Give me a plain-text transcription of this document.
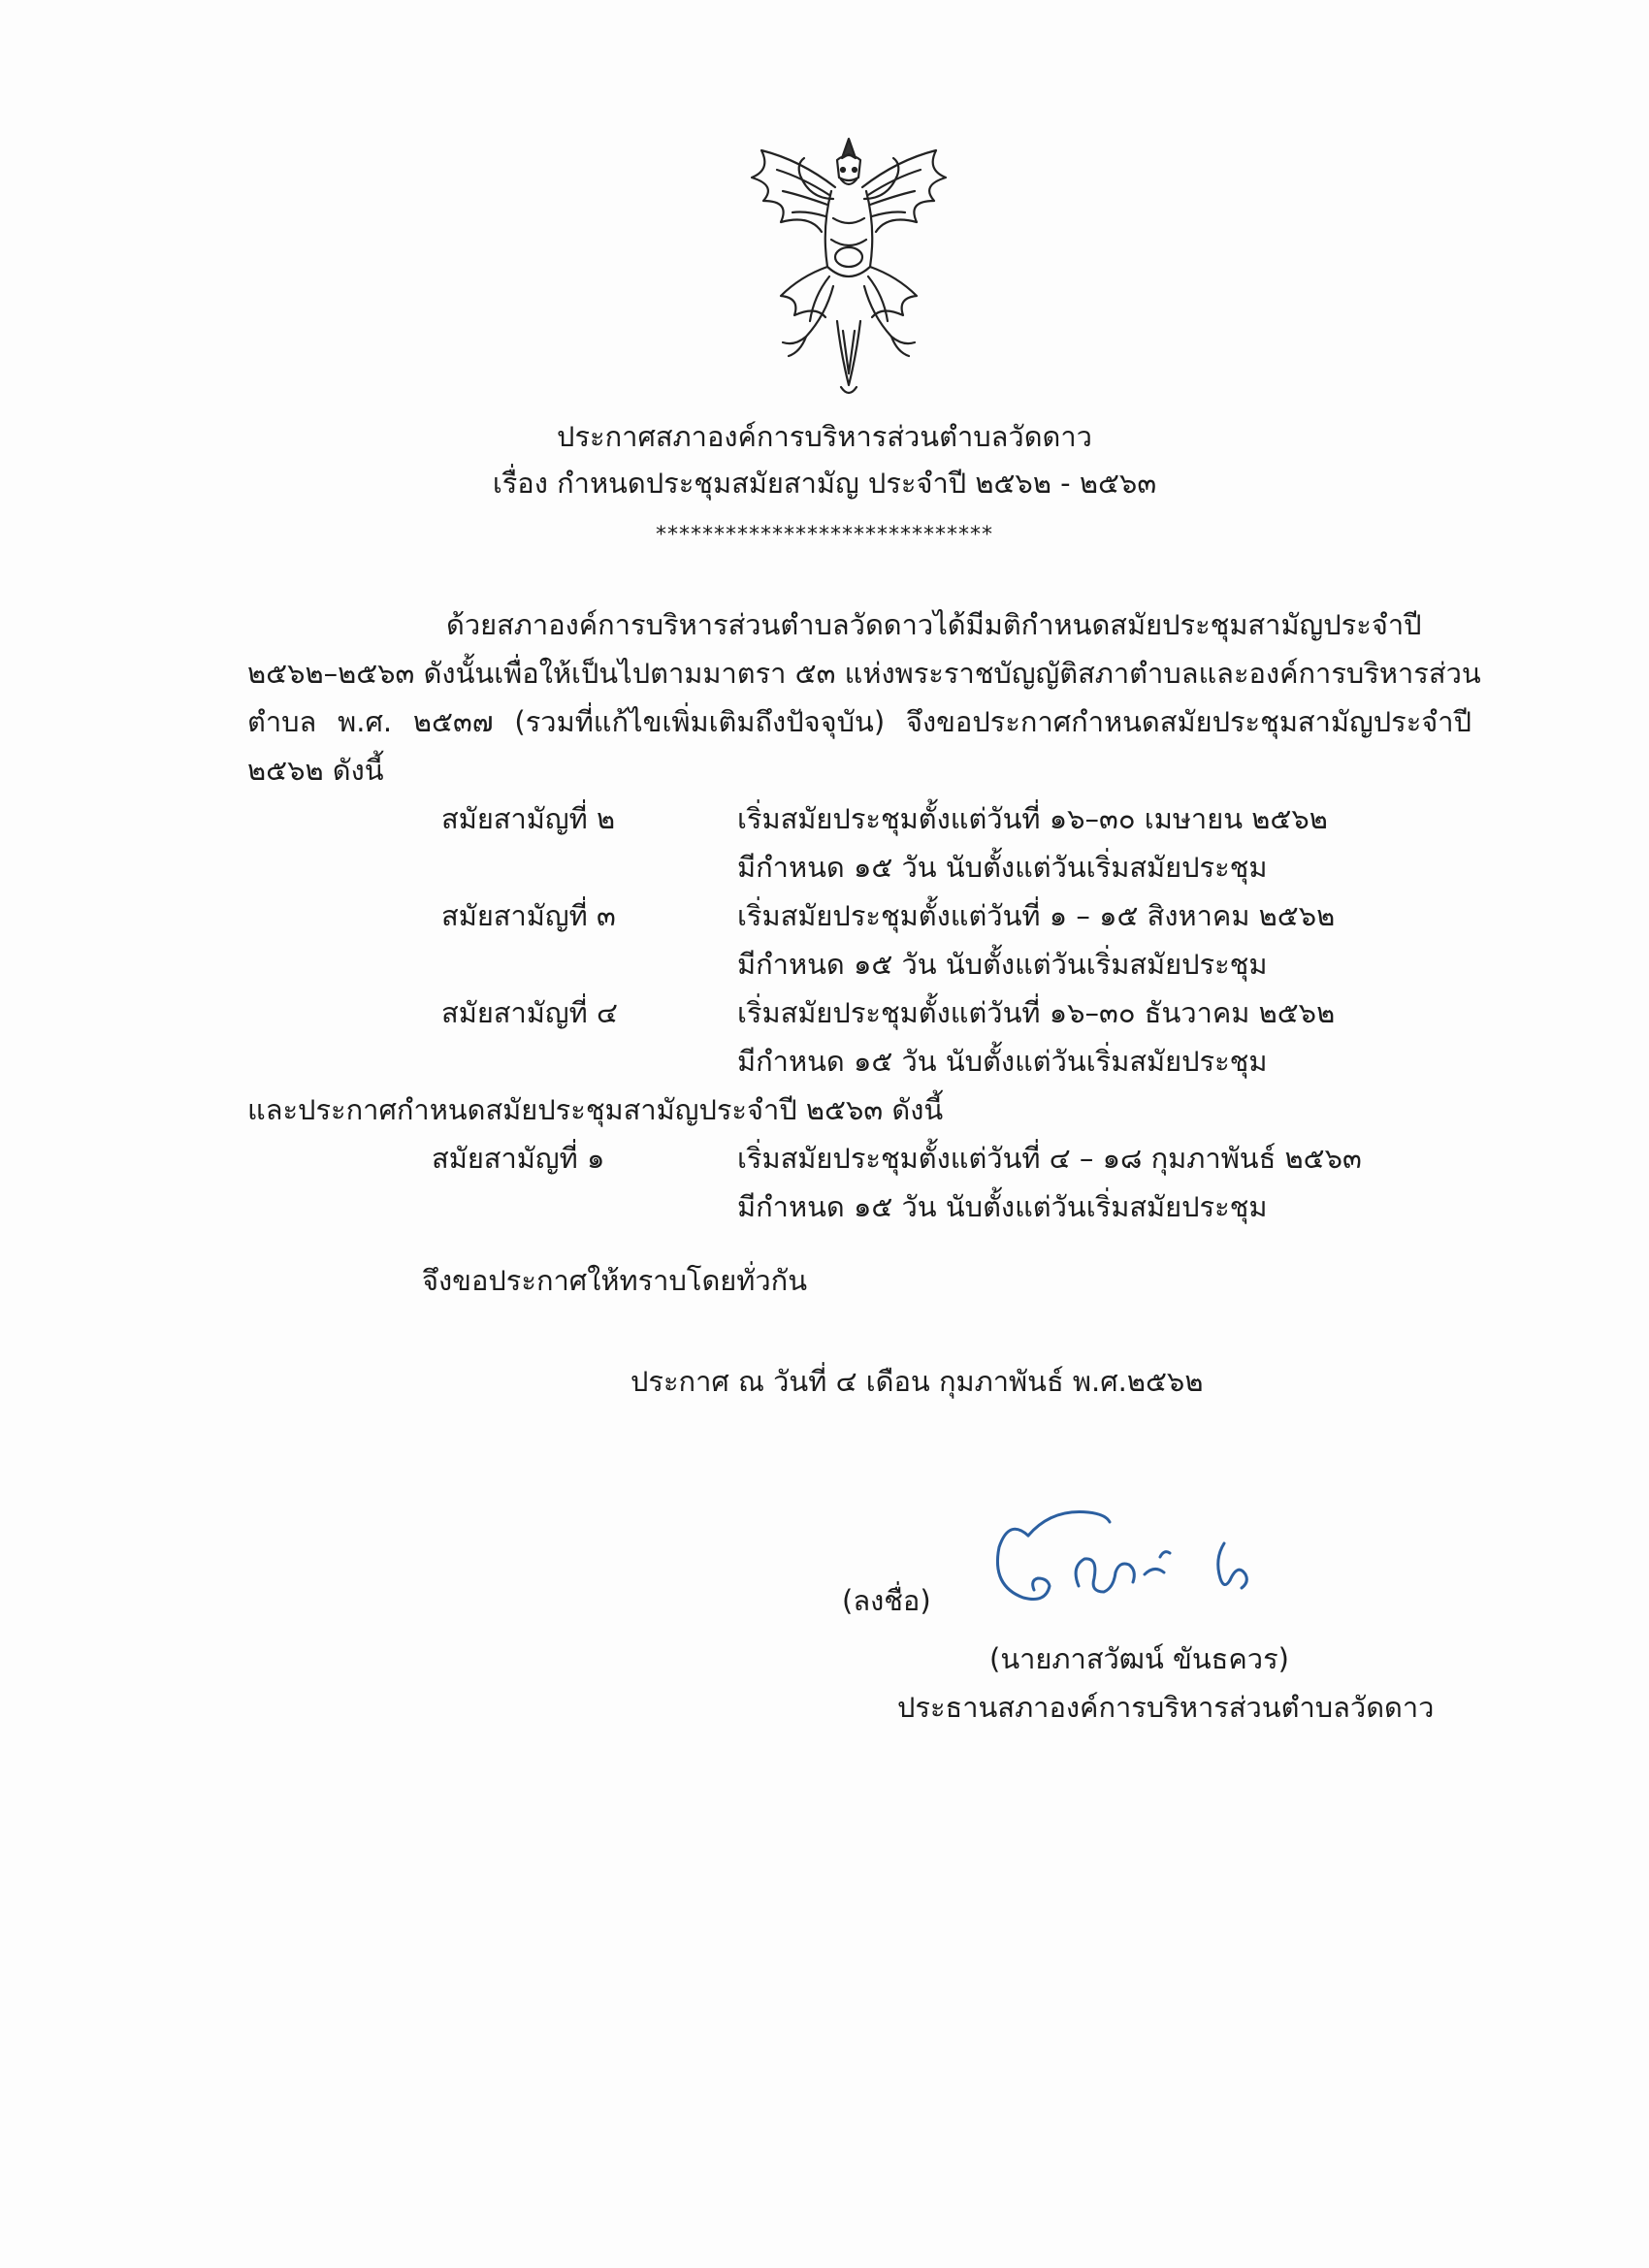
ประกาศสภาองค์การบริหารส่วนตำบลวัดดาว
เรื่อง กำหนดประชุมสมัยสามัญ ประจำปี ๒๕๖๒ - ๒๕๖๓
*****************************
ด้วยสภาองค์การบริหารส่วนตำบลวัดดาวได้มีมติกำหนดสมัยประชุมสามัญประจำปี
๒๕๖๒–๒๕๖๓ ดังนั้นเพื่อให้เป็นไปตามมาตรา ๕๓ แห่งพระราชบัญญัติสภาตำบลและองค์การบริหารส่วน
ตำบล พ.ศ. ๒๕๓๗ (รวมที่แก้ไขเพิ่มเติมถึงปัจจุบัน) จึงขอประกาศกำหนดสมัยประชุมสามัญประจำปี
๒๕๖๒ ดังนี้
สมัยสามัญที่ ๒	เริ่มสมัยประชุมตั้งแต่วันที่ ๑๖–๓๐ เมษายน ๒๕๖๒
มีกำหนด ๑๕ วัน นับตั้งแต่วันเริ่มสมัยประชุม
สมัยสามัญที่ ๓	เริ่มสมัยประชุมตั้งแต่วันที่ ๑ – ๑๕ สิงหาคม ๒๕๖๒
มีกำหนด ๑๕ วัน นับตั้งแต่วันเริ่มสมัยประชุม
สมัยสามัญที่ ๔	เริ่มสมัยประชุมตั้งแต่วันที่ ๑๖–๓๐ ธันวาคม ๒๕๖๒
มีกำหนด ๑๕ วัน นับตั้งแต่วันเริ่มสมัยประชุม
และประกาศกำหนดสมัยประชุมสามัญประจำปี ๒๕๖๓ ดังนี้
สมัยสามัญที่ ๑	เริ่มสมัยประชุมตั้งแต่วันที่ ๔ – ๑๘ กุมภาพันธ์ ๒๕๖๓
มีกำหนด ๑๕ วัน นับตั้งแต่วันเริ่มสมัยประชุม
จึงขอประกาศให้ทราบโดยทั่วกัน
ประกาศ ณ วันที่ ๔ เดือน กุมภาพันธ์ พ.ศ.๒๕๖๒
(ลงชื่อ)
(นายภาสวัฒน์ ขันธควร)
ประธานสภาองค์การบริหารส่วนตำบลวัดดาว
